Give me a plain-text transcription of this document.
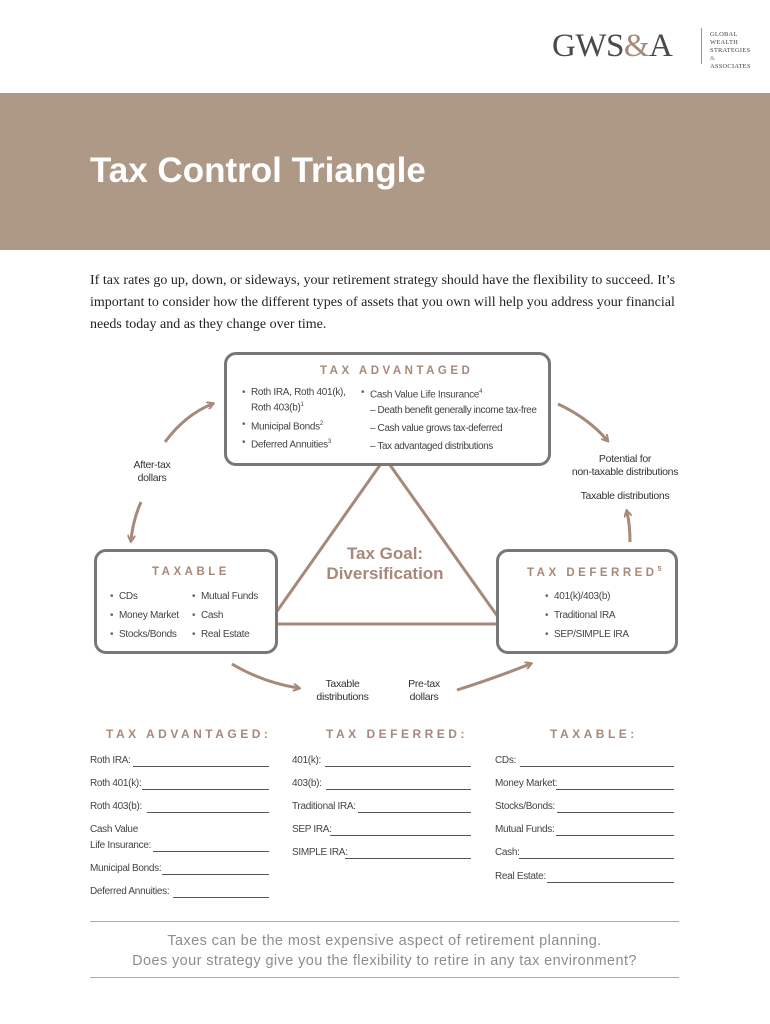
GWS&A	GLOBAL
WEALTH
STRATEGIES &
ASSOCIATES
Tax Control Triangle

If tax rates go up, down, or sideways, your retirement strategy should have the flexibility to succeed. It’s important to consider how the different types of assets that you own will help you address your financial needs today and as they change over time.

TAX ADVANTAGED
• Roth IRA, Roth 401(k),
Roth $403(b)^1$
• Municipal Bonds$^2$
• Deferred Annuities$^3$
• Cash Value Life Insurance$^4$
– Death benefit generally income tax-free
– Cash value grows tax-deferred
– Tax advantaged distributions
TAXABLE
• CDs	• Mutual Funds
• Money Market • Cash
• Stocks/Bonds • Real Estate
TAX DEFERRED$^5$
• 401(k)/403(b)
• Traditional IRA
• SEP/SIMPLE IRA
Tax Goal:
Diversification
After-tax
dollars
Potential for
non-taxable distributions
Taxable distributions
Taxable
distributions
Pre-tax
dollars
TAX ADVANTAGED:	TAX DEFERRED:	TAXABLE:
Roth IRA:
Roth 401(k):
Roth 403(b):
Cash Value
Life Insurance:
Municipal Bonds:
Deferred Annuities:
401(k):
403(b):
Traditional IRA:
SEP IRA:
SIMPLE IRA:
CDs:
Money Market:
Stocks/Bonds:
Mutual Funds:
Cash:
Real Estate:
Taxes can be the most expensive aspect of retirement planning.
Does your strategy give you the flexibility to retire in any tax environment?
